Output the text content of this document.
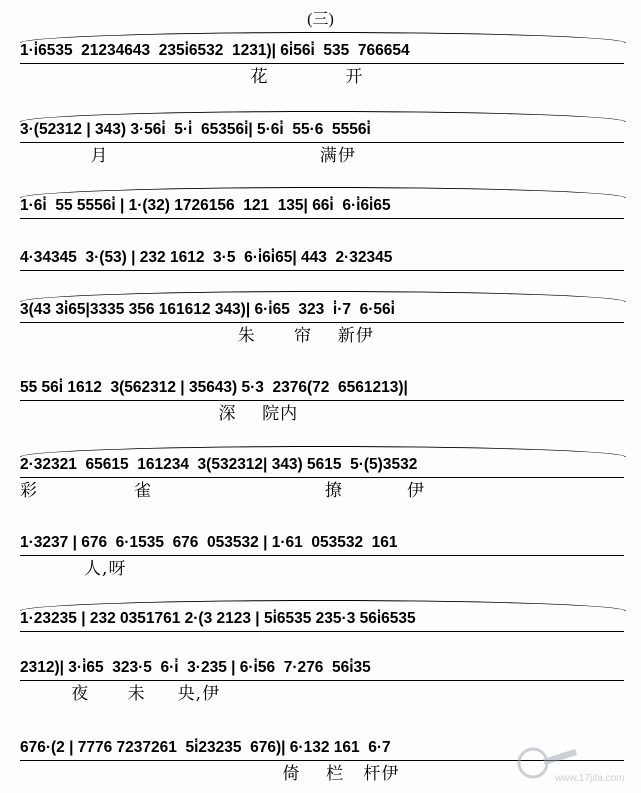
(三)
1·i̇6535  21234643  235i̇6532  1231)| 6i̇56i̇  535  766654
花            开
3·(52312 | 343) 3·56i̇  5·i̇  65356i̇| 5·6i̇  55·6  5556i̇
月                                 满伊
1·6i̇  55 5556i̇ | 1·(32) 1726156  121  135| 66i̇  6·i̇6i̇65
4·34345  3·(53) | 232 1612  3·5  6·i̇6i̇65| 443  2·32345
3(43 3i̇65|3335 356 161612 343)| 6·i̇65  323  i̇·7  6·56i̇
朱      帘    新伊
55 56i̇ 1612  3(562312 | 35643) 5·3  2376(72  6561213)|
深    院内
2·32321  65615  161234  3(532312| 343) 5615  5·(5)3532
彩               雀                           撩          伊
1·3237 | 676  6·1535  676  053532 | 1·61  053532  161
人,呀
1·23235 | 232 0351761 2·(3 2123 | 5i̇6535 235·3 56i̇6535
2312)| 3·i̇65  323·5  6·i̇  3·235 | 6·i̇56  7·276  56i̇35
夜      未     央,伊
676·(2 | 7776 7237261  5i̇23235  676)| 6·132 161  6·7
倚    栏   杆伊	www.17jita.com
